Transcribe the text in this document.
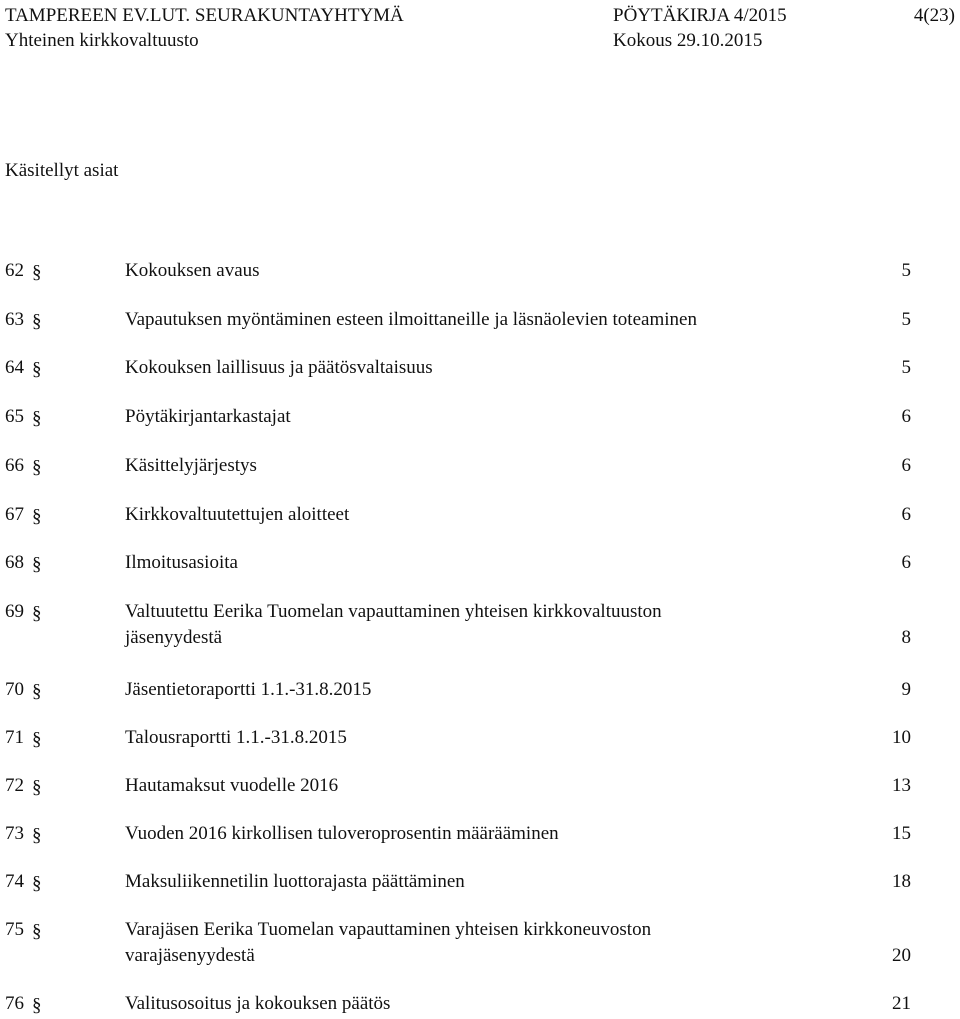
TAMPEREEN EV.LUT. SEURAKUNTAYHTYMÄ	PÖYTÄKIRJA 4/2015	4(23)
Yhteinen kirkkovaltuusto	Kokous 29.10.2015
Käsitellyt asiat
62 §	Kokouksen avaus	5
63 §	Vapautuksen myöntäminen esteen ilmoittaneille ja läsnäolevien toteaminen	5
64 §	Kokouksen laillisuus ja päätösvaltaisuus	5
65 §	Pöytäkirjantarkastajat	6
66 §	Käsittelyjärjestys	6
67 §	Kirkkovaltuutettujen aloitteet	6
68 §	Ilmoitusasioita	6
69 §	Valtuutettu Eerika Tuomelan vapauttaminen yhteisen kirkkovaltuuston
jäsenyydestä	8
70 §	Jäsentietoraportti 1.1.-31.8.2015	9
71 §	Talousraportti 1.1.-31.8.2015	10
72 §	Hautamaksut vuodelle 2016	13
73 §	Vuoden 2016 kirkollisen tuloveroprosentin määrääminen	15
74 §	Maksuliikennetilin luottorajasta päättäminen	18
75 §	Varajäsen Eerika Tuomelan vapauttaminen yhteisen kirkkoneuvoston
varajäsenyydestä	20
76 §	Valitusosoitus ja kokouksen päätös	21
